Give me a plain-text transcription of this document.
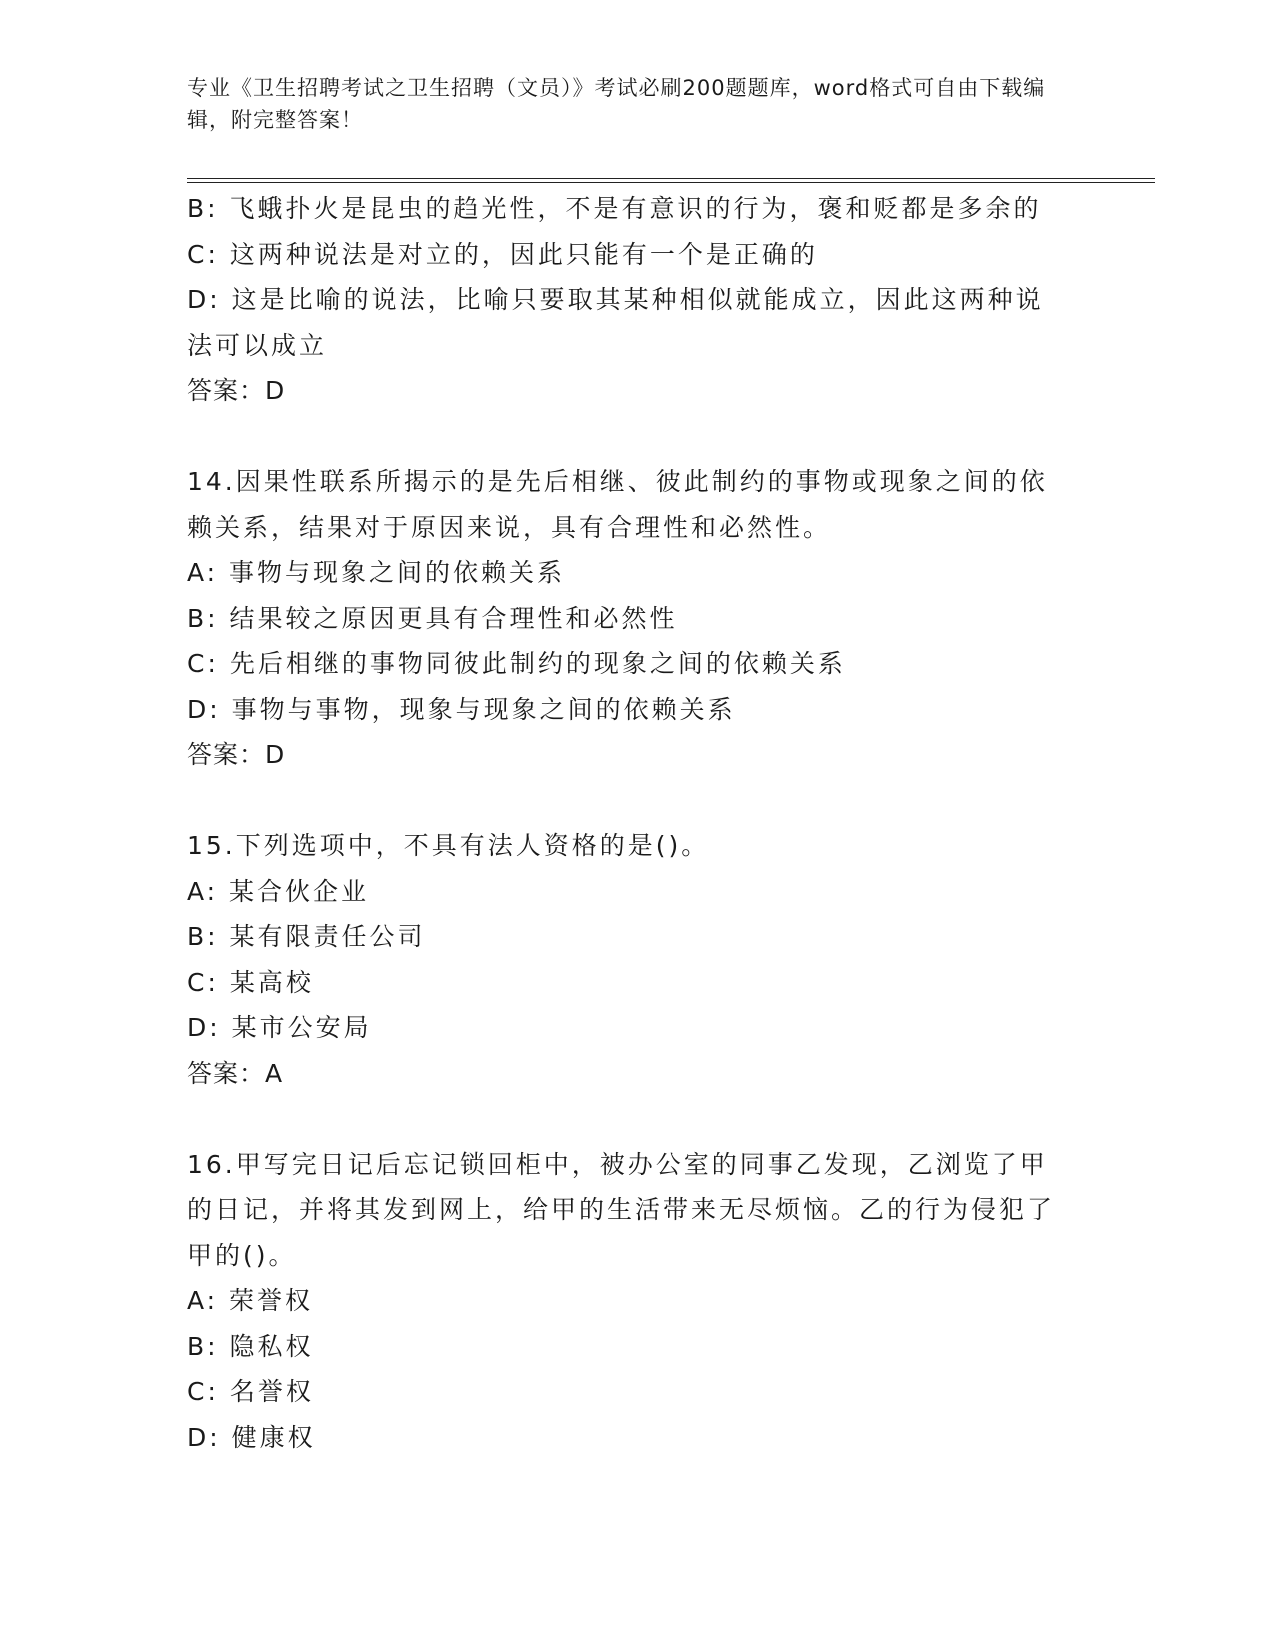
专业《卫生招聘考试之卫生招聘（文员）》考试必刷200题题库，word格式可自由下载编辑，附完整答案！

B: 飞蛾扑火是昆虫的趋光性，不是有意识的行为，褒和贬都是多余的

C: 这两种说法是对立的，因此只能有一个是正确的

D: 这是比喻的说法，比喻只要取其某种相似就能成立，因此这两种说法可以成立

答案：D

14.因果性联系所揭示的是先后相继、彼此制约的事物或现象之间的依赖关系，结果对于原因来说，具有合理性和必然性。

A: 事物与现象之间的依赖关系

B: 结果较之原因更具有合理性和必然性

C: 先后相继的事物同彼此制约的现象之间的依赖关系

D: 事物与事物，现象与现象之间的依赖关系

答案：D

15.下列选项中，不具有法人资格的是()。

A: 某合伙企业

B: 某有限责任公司

C: 某高校

D: 某市公安局

答案：A

16.甲写完日记后忘记锁回柜中，被办公室的同事乙发现，乙浏览了甲的日记，并将其发到网上，给甲的生活带来无尽烦恼。乙的行为侵犯了甲的()。

A: 荣誉权

B: 隐私权

C: 名誉权

D: 健康权
